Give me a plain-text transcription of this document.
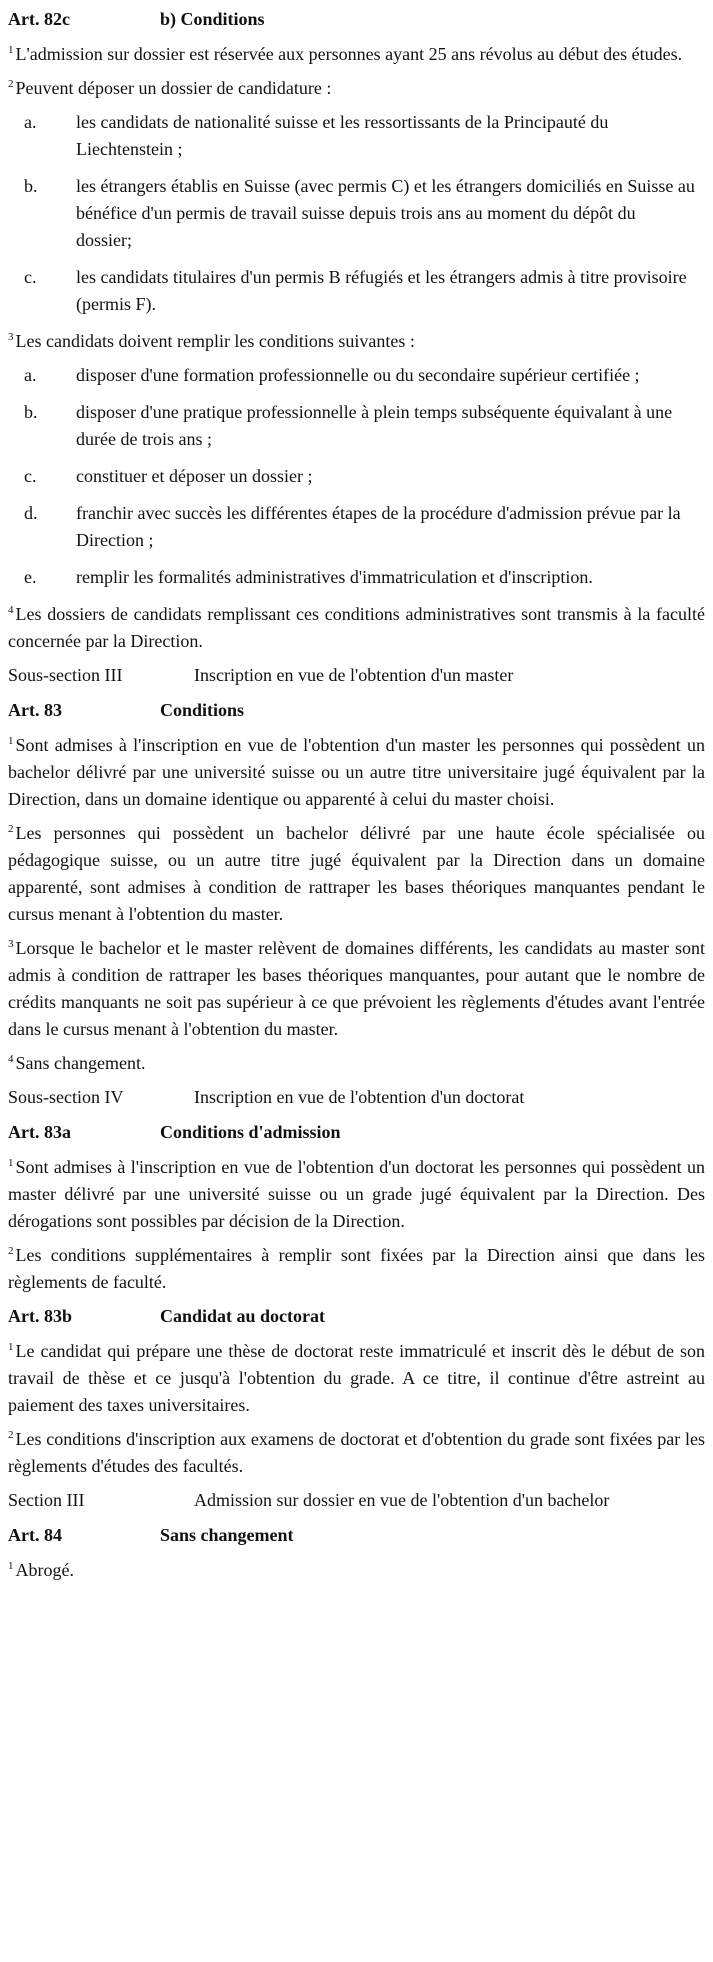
Art. 82c	b) Conditions

$^1$ L'admission sur dossier est réservée aux personnes ayant 25 ans révolus au début des études.

$^2$ Peuvent déposer un dossier de candidature :

a.	les candidats de nationalité suisse et les ressortissants de la Principauté du Liechtenstein ;
b.	les étrangers établis en Suisse (avec permis C) et les étrangers domiciliés en Suisse au bénéfice d'un permis de travail suisse depuis trois ans au moment du dépôt du dossier;
c.	les candidats titulaires d'un permis B réfugiés et les étrangers admis à titre provisoire (permis F).

$^3$ Les candidats doivent remplir les conditions suivantes :

a.	disposer d'une formation professionnelle ou du secondaire supérieur certifiée ;
b.	disposer d'une pratique professionnelle à plein temps subséquente équivalant à une durée de trois ans ;
c.	constituer et déposer un dossier ;
d.	franchir avec succès les différentes étapes de la procédure d'admission prévue par la Direction ;
e.	remplir les formalités administratives d'immatriculation et d'inscription.

$^4$ Les dossiers de candidats remplissant ces conditions administratives sont transmis à la faculté concernée par la Direction.

Sous-section III	Inscription en vue de l'obtention d'un master
Art. 83	Conditions

$^1$ Sont admises à l'inscription en vue de l'obtention d'un master les personnes qui possèdent un bachelor délivré par une université suisse ou un autre titre universitaire jugé équivalent par la Direction, dans un domaine identique ou apparenté à celui du master choisi.

$^2$ Les personnes qui possèdent un bachelor délivré par une haute école spécialisée ou pédagogique suisse, ou un autre titre jugé équivalent par la Direction dans un domaine apparenté, sont admises à condition de rattraper les bases théoriques manquantes pendant le cursus menant à l'obtention du master.

$^3$ Lorsque le bachelor et le master relèvent de domaines différents, les candidats au master sont admis à condition de rattraper les bases théoriques manquantes, pour autant que le nombre de crédits manquants ne soit pas supérieur à ce que prévoient les règlements d'études avant l'entrée dans le cursus menant à l'obtention du master.

$^4$ Sans changement.

Sous-section IV	Inscription en vue de l'obtention d'un doctorat
Art. 83a	Conditions d'admission

$^1$ Sont admises à l'inscription en vue de l'obtention d'un doctorat les personnes qui possèdent un master délivré par une université suisse ou un grade jugé équivalent par la Direction. Des dérogations sont possibles par décision de la Direction.

$^2$ Les conditions supplémentaires à remplir sont fixées par la Direction ainsi que dans les règlements de faculté.

Art. 83b	Candidat au doctorat

$^1$ Le candidat qui prépare une thèse de doctorat reste immatriculé et inscrit dès le début de son travail de thèse et ce jusqu'à l'obtention du grade. A ce titre, il continue d'être astreint au paiement des taxes universitaires.

$^2$ Les conditions d'inscription aux examens de doctorat et d'obtention du grade sont fixées par les règlements d'études des facultés.

Section III	Admission sur dossier en vue de l'obtention d'un bachelor
Art. 84	Sans changement

$^1$ Abrogé.
